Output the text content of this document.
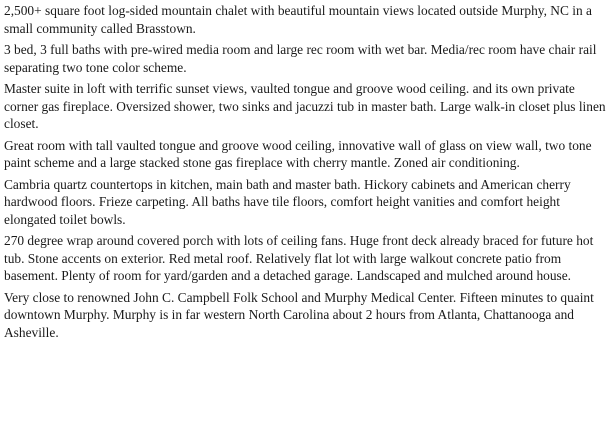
2,500+ square foot log-sided mountain chalet with beautiful mountain views located outside Murphy, NC in a small community called Brasstown.

3 bed, 3 full baths with pre-wired media room and large rec room with wet bar. Media/rec room have chair rail separating two tone color scheme.

Master suite in loft with terrific sunset views, vaulted tongue and groove wood ceiling. and its own private corner gas fireplace. Oversized shower, two sinks and jacuzzi tub in master bath. Large walk-in closet plus linen closet.

Great room with tall vaulted tongue and groove wood ceiling, innovative wall of glass on view wall, two tone paint scheme and a large stacked stone gas fireplace with cherry mantle. Zoned air conditioning.

Cambria quartz countertops in kitchen, main bath and master bath. Hickory cabinets and American cherry hardwood floors. Frieze carpeting. All baths have tile floors, comfort height vanities and comfort height elongated toilet bowls.

270 degree wrap around covered porch with lots of ceiling fans. Huge front deck already braced for future hot tub. Stone accents on exterior. Red metal roof. Relatively flat lot with large walkout concrete patio from basement. Plenty of room for yard/garden and a detached garage. Landscaped and mulched around house.

Very close to renowned John C. Campbell Folk School and Murphy Medical Center. Fifteen minutes to quaint downtown Murphy. Murphy is in far western North Carolina about 2 hours from Atlanta, Chattanooga and Asheville.
